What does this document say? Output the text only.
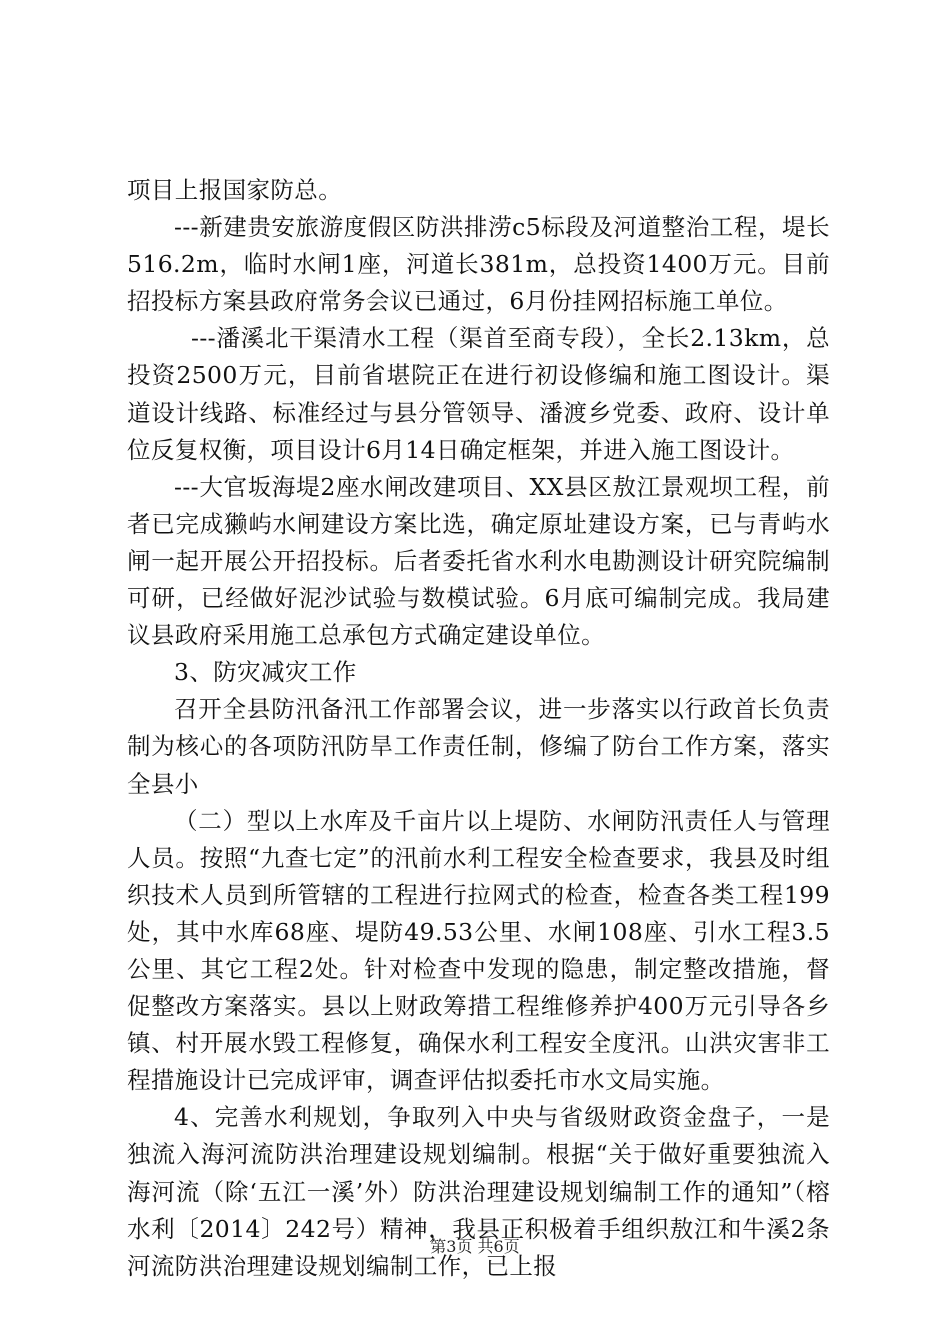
项目上报国家防总。

---新建贵安旅游度假区防洪排涝c5标段及河道整治工程，堤长516.2m，临时水闸1座，河道长381m，总投资1400万元。目前招投标方案县政府常务会议已通过，6月份挂网招标施工单位。

---潘溪北干渠清水工程（渠首至商专段），全长2.13km，总投资2500万元，目前省堪院正在进行初设修编和施工图设计。渠道设计线路、标准经过与县分管领导、潘渡乡党委、政府、设计单位反复权衡，项目设计6月14日确定框架，并进入施工图设计。

---大官坂海堤2座水闸改建项目、XX县区敖江景观坝工程，前者已完成獭屿水闸建设方案比选，确定原址建设方案，已与青屿水闸一起开展公开招投标。后者委托省水利水电勘测设计研究院编制可研，已经做好泥沙试验与数模试验。6月底可编制完成。我局建议县政府采用施工总承包方式确定建设单位。

3、防灾减灾工作

召开全县防汛备汛工作部署会议，进一步落实以行政首长负责制为核心的各项防汛防旱工作责任制，修编了防台工作方案，落实全县小

（二）型以上水库及千亩片以上堤防、水闸防汛责任人与管理人员。按照“九查七定”的汛前水利工程安全检查要求，我县及时组织技术人员到所管辖的工程进行拉网式的检查，检查各类工程199处，其中水库68座、堤防49.53公里、水闸108座、引水工程3.5公里、其它工程2处。针对检查中发现的隐患，制定整改措施，督促整改方案落实。县以上财政筹措工程维修养护400万元引导各乡镇、村开展水毁工程修复，确保水利工程安全度汛。山洪灾害非工程措施设计已完成评审，调查评估拟委托市水文局实施。

4、完善水利规划，争取列入中央与省级财政资金盘子，一是独流入海河流防洪治理建设规划编制。根据“关于做好重要独流入海河流（除‘五江一溪’外）防洪治理建设规划编制工作的通知”（榕水利〔2014〕242号）精神，我县正积极着手组织敖江和牛溪2条河流防洪治理建设规划编制工作，已上报

第3页 共6页
